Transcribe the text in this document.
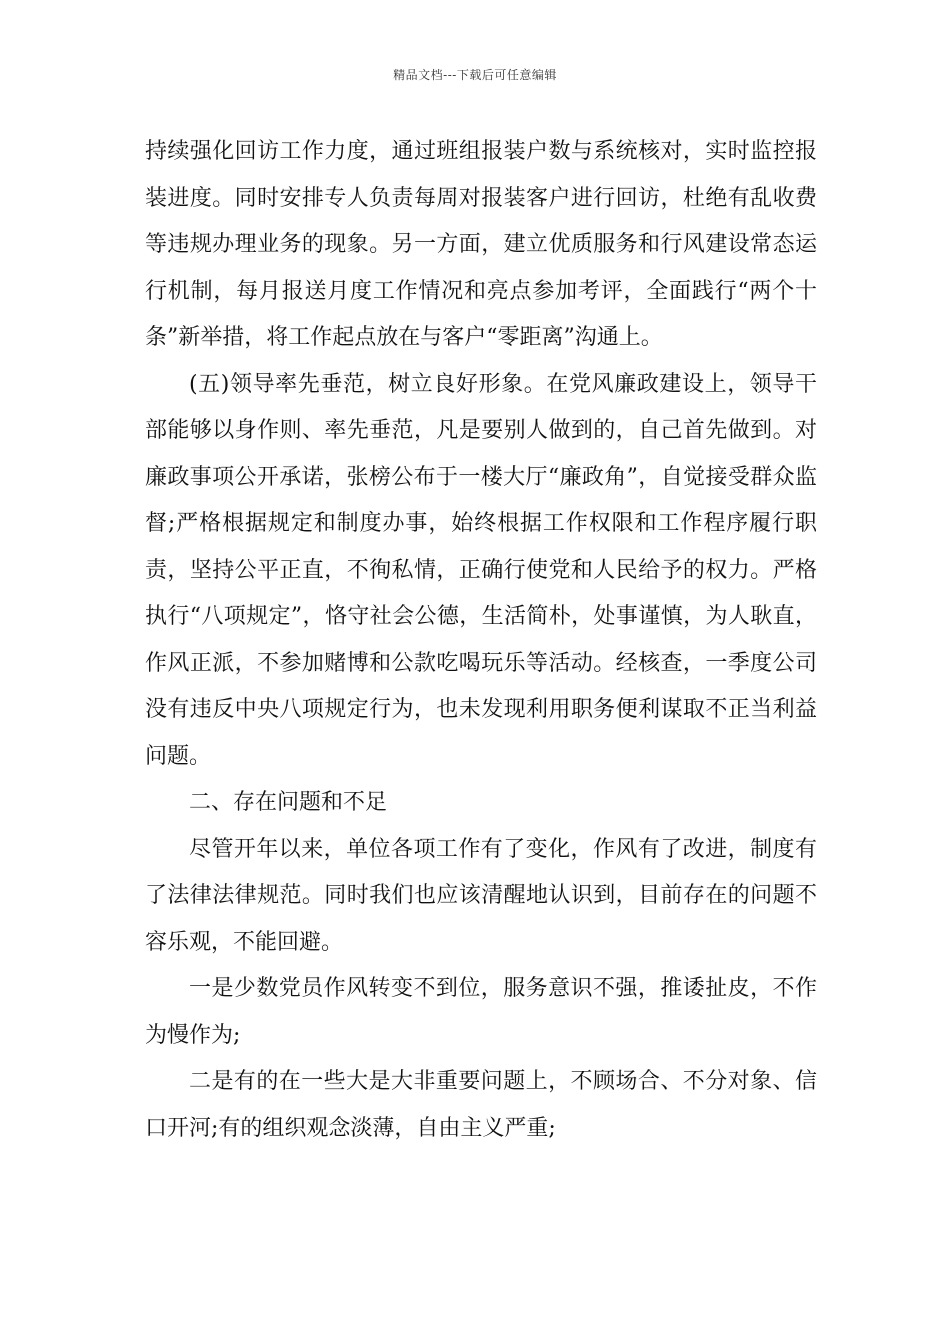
精品文档---下载后可任意编辑

持续强化回访工作力度，通过班组报装户数与系统核对，实时监控报装进度。同时安排专人负责每周对报装客户进行回访，杜绝有乱收费等违规办理业务的现象。另一方面，建立优质服务和行风建设常态运行机制，每月报送月度工作情况和亮点参加考评，全面践行“两个十条”新举措，将工作起点放在与客户“零距离”沟通上。

(五)领导率先垂范，树立良好形象。在党风廉政建设上，领导干部能够以身作则、率先垂范，凡是要别人做到的，自己首先做到。对廉政事项公开承诺，张榜公布于一楼大厅“廉政角”，自觉接受群众监督;严格根据规定和制度办事，始终根据工作权限和工作程序履行职责，坚持公平正直，不徇私情，正确行使党和人民给予的权力。严格执行“八项规定”，恪守社会公德，生活简朴，处事谨慎，为人耿直，作风正派，不参加赌博和公款吃喝玩乐等活动。经核查，一季度公司没有违反中央八项规定行为，也未发现利用职务便利谋取不正当利益问题。

二、存在问题和不足

尽管开年以来，单位各项工作有了变化，作风有了改进，制度有了法律法律规范。同时我们也应该清醒地认识到，目前存在的问题不容乐观，不能回避。

一是少数党员作风转变不到位，服务意识不强，推诿扯皮，不作为慢作为;

二是有的在一些大是大非重要问题上，不顾场合、不分对象、信口开河;有的组织观念淡薄，自由主义严重;
